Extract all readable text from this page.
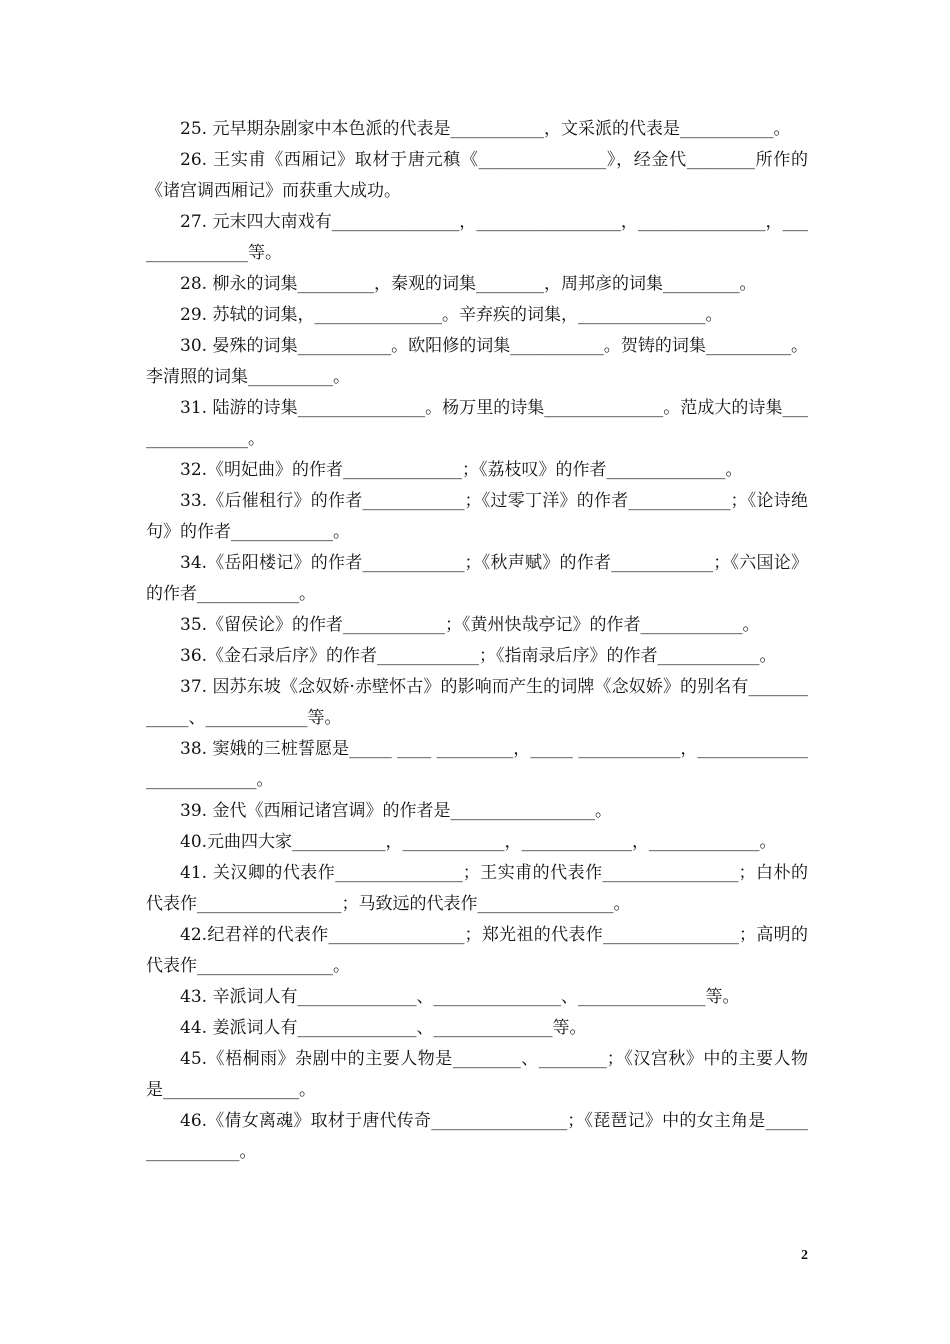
25. 元早期杂剧家中本色派的代表是___________，文采派的代表是___________。

26. 王实甫《西厢记》取材于唐元稹《_______________》，经金代________所作的《诸宫调西厢记》而获重大成功。

27. 元末四大南戏有_______________，_________________，_______________，_______________等。

28. 柳永的词集_________，秦观的词集________，周邦彦的词集_________。

29. 苏轼的词集，_______________。辛弃疾的词集，_______________。

30. 晏殊的词集___________。欧阳修的词集___________。贺铸的词集__________。李清照的词集__________。

31. 陆游的诗集_______________。杨万里的诗集______________。范成大的诗集_______________。

32.《明妃曲》的作者______________；《荔枝叹》的作者______________。

33.《后催租行》的作者____________；《过零丁洋》的作者____________；《论诗绝句》的作者____________。

34.《岳阳楼记》的作者____________；《秋声赋》的作者____________；《六国论》的作者____________。

35.《留侯论》的作者____________；《黄州快哉亭记》的作者____________。

36.《金石录后序》的作者____________；《指南录后序》的作者____________。

37. 因苏东坡《念奴娇·赤壁怀古》的影响而产生的词牌《念奴娇》的别名有____________、____________等。

38. 窦娥的三桩誓愿是_____ ____ _________，_____ ____________，__________________________。

39. 金代《西厢记诸宫调》的作者是_________________。

40.元曲四大家___________，____________，_____________，_____________。

41. 关汉卿的代表作_______________；王实甫的代表作________________；白朴的代表作_________________；马致远的代表作________________。

42.纪君祥的代表作________________；郑光祖的代表作________________；高明的代表作________________。

43. 辛派词人有______________、_______________、_______________等。

44. 姜派词人有______________、______________等。

45.《梧桐雨》杂剧中的主要人物是________、________；《汉宫秋》中的主要人物是________________。

46.《倩女离魂》取材于唐代传奇________________；《琵琶记》中的女主角是________________。

2
